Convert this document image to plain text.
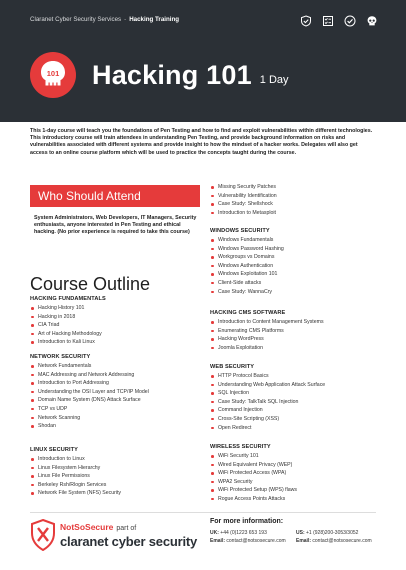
Claranet Cyber Security Services - Hacking Training
101 Hacking 101 1 Day

This 1-day course will teach you the foundations of Pen Testing and how to find and exploit vulnerabilities within different technologies. This introductory course will train attendees in understanding Pen Testing, and provide background information on risks and vulnerabilities associated with different systems and provide insight to how the mindset of a hacker works. Delegates will also get access to an online course platform which will be used to practice the concepts taught during the course.

Who Should Attend

System Administrators, Web Developers, IT Managers, Security enthusiasts, anyone interested in Pen Testing and ethical hacking. (No prior experience is required to take this course)

Course Outline
HACKING FUNDAMENTALS
Hacking History 101
Hacking in 2018
CIA Triad
Art of Hacking Methodology
Introduction to Kali Linux
NETWORK SECURITY
Network Fundamentals
MAC Addressing and Network Addressing
Introduction to Port Addressing
Understanding the OSI Layer and TCP/IP Model
Domain Name System (DNS) Attack Surface
TCP vs UDP
Network Scanning
Shodan
LINUX SECURITY
Introduction to Linux
Linux Filesystem Hierarchy
Linux File Permissions
Berkeley Rsh/Rlogin Services
Network File System (NFS) Security
Missing Security Patches
Vulnerability Identification
Case Study: Shellshock
Introduction to Metasploit
WINDOWS SECURITY
Windows Fundamentals
Windows Password Hashing
Workgroups vs Domains
Windows Authentication
Windows Exploitation 101
Client-Side attacks
Case Study: WannaCry
HACKING CMS SOFTWARE
Introduction to Content Management Systems
Enumerating CMS Platforms
Hacking WordPress
Joomla Exploitation
WEB SECURITY
HTTP Protocol Basics
Understanding Web Application Attack Surface
SQL Injection
Case Study: TalkTalk SQL Injection
Command Injection
Cross-Site Scripting (XSS)
Open Redirect
WIRELESS SECURITY
WiFi Security 101
Wired Equivalent Privacy (WEP)
WiFi Protected Access (WPA)
WPA2 Security
WiFi Protected Setup (WPS) flaws
Rogue Access Points Attacks
NotSoSecure part of
claranet cyber security
For more information:
UK: +44 (0)1223 653 193
Email: contact@notsosecure.com
US: +1 (928)200-3053/3052
Email: contact@notsosecure.com
